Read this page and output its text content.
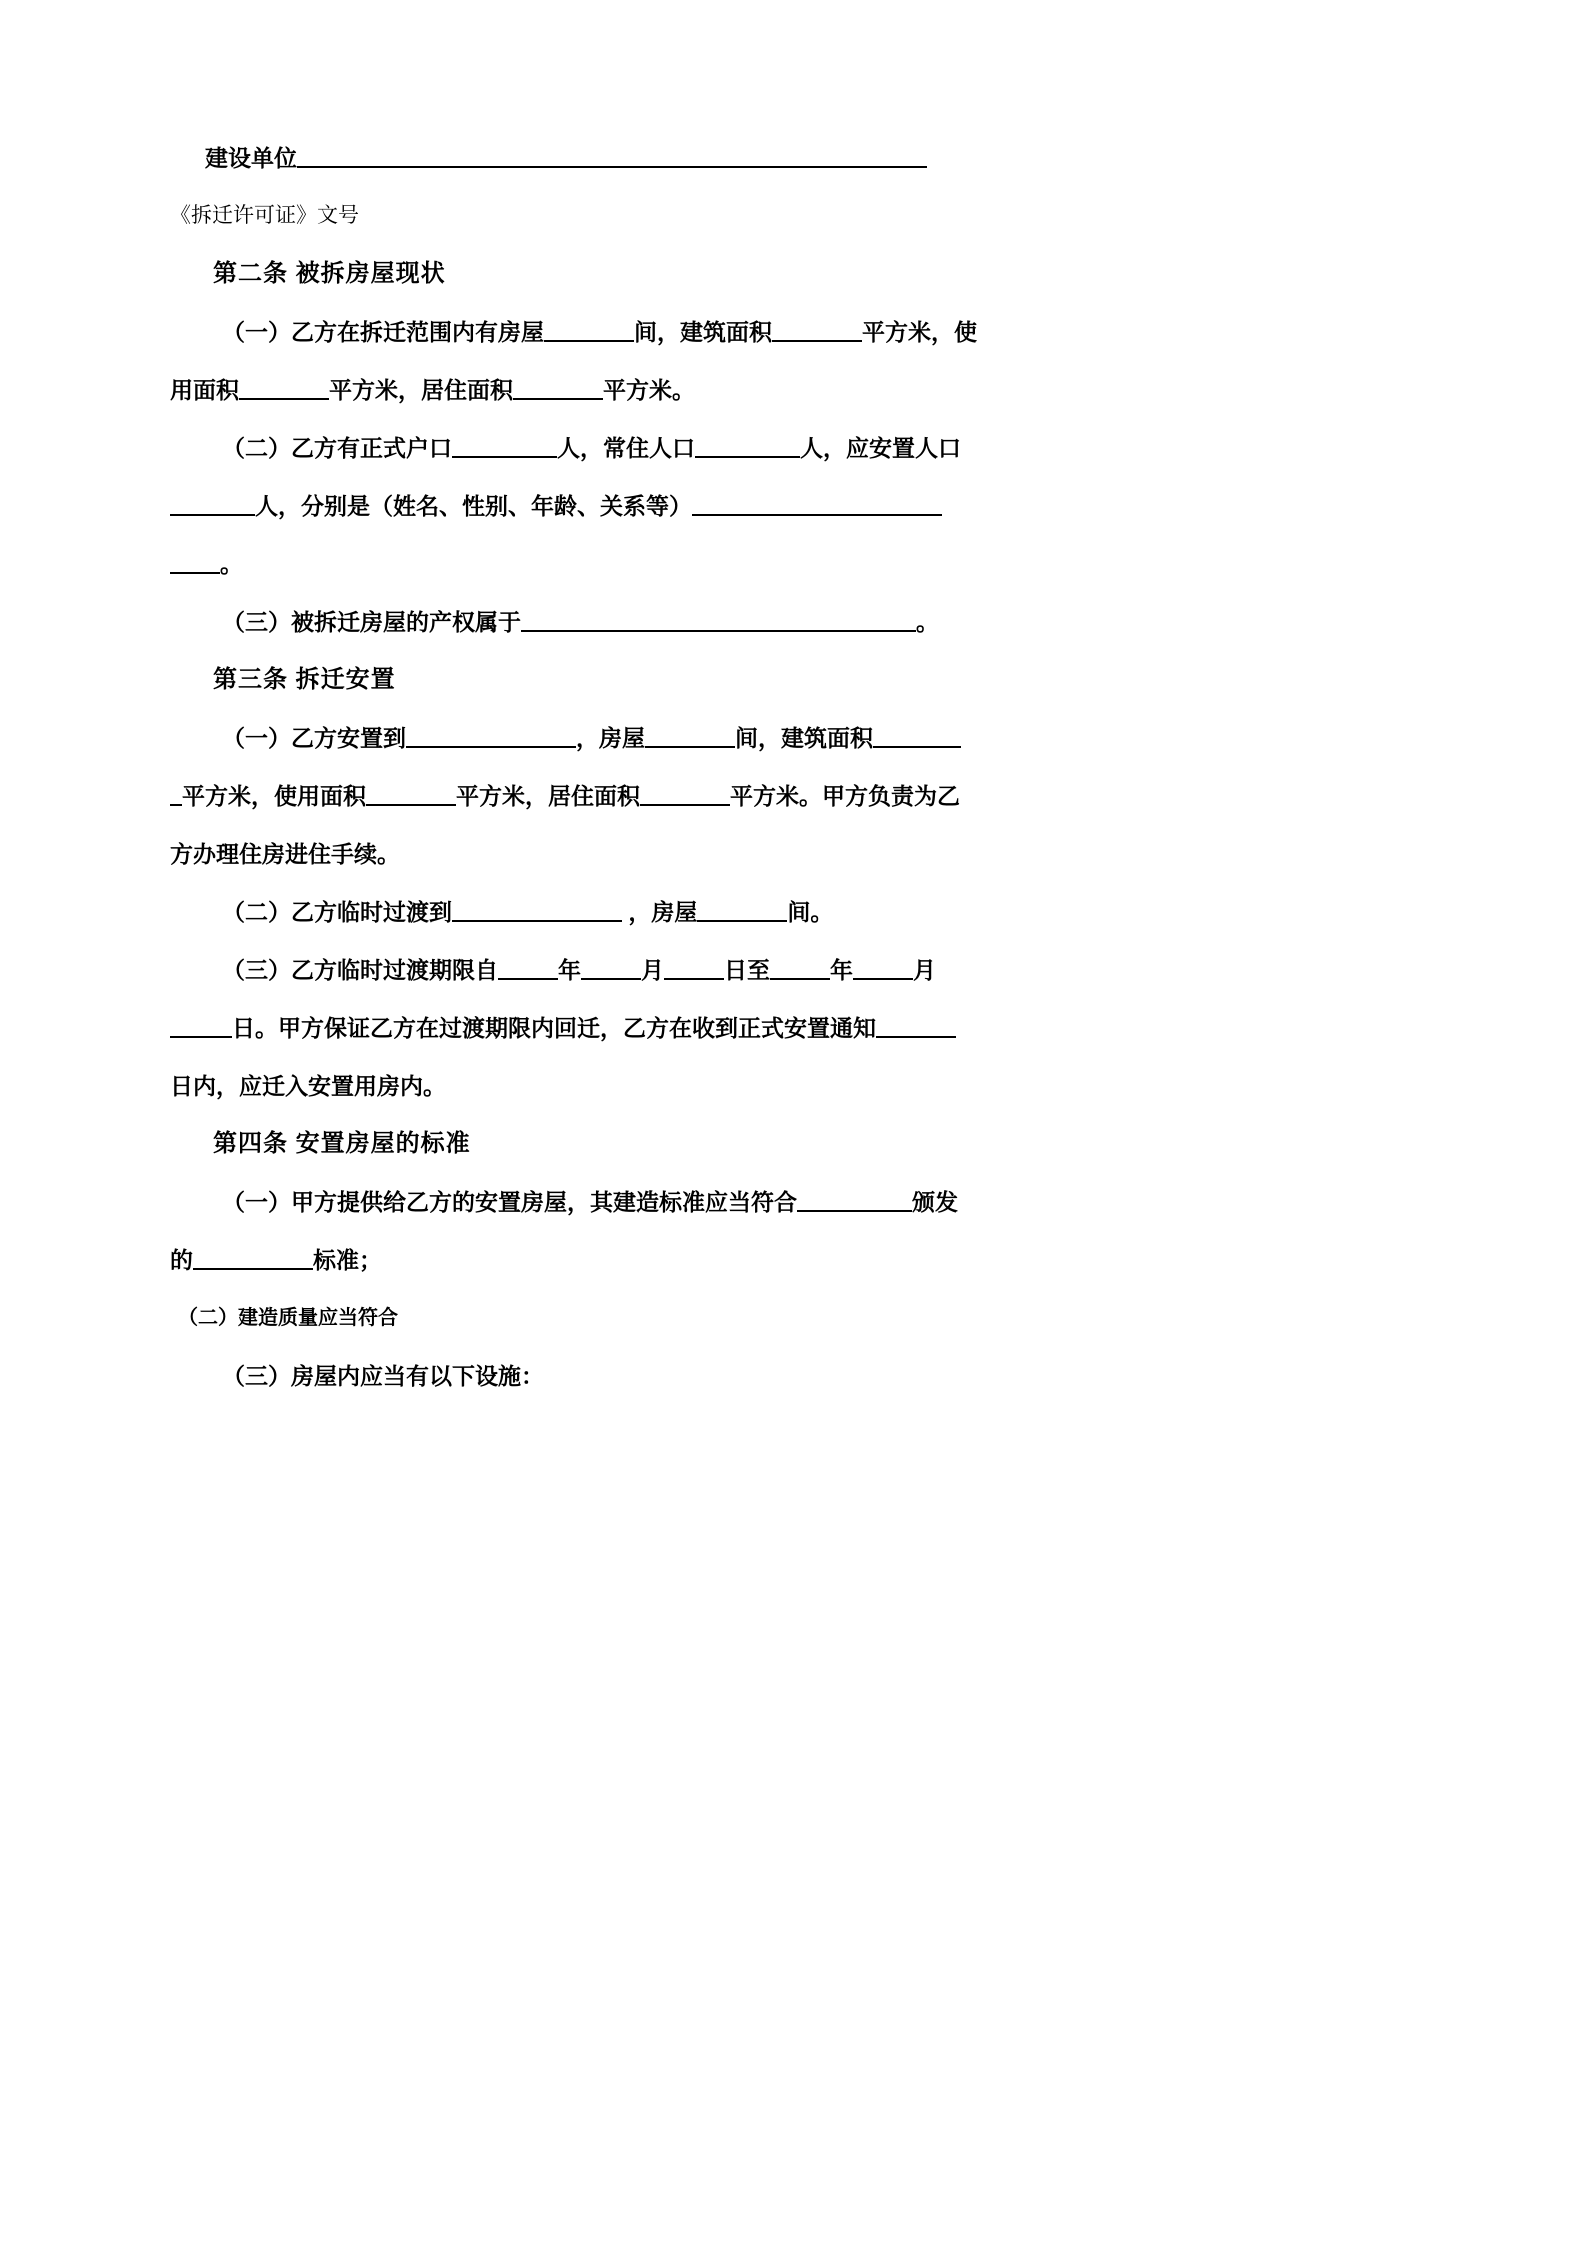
建设单位
《拆迁许可证》文号
第二条 被拆房屋现状
（一）乙方在拆迁范围内有房屋	间，建筑面积	平方米，使
用面积	平方米，居住面积	平方米。
（二）乙方有正式户口	人，常住人口	人，应安置人口
人，分别是（姓名、性别、年龄、关系等）
。
（三）被拆迁房屋的产权属于	。
第三条 拆迁安置
（一）乙方安置到	，房屋	间，建筑面积
平方米，使用面积	平方米，居住面积	平方米。甲方负责为乙
方办理住房进住手续。
（二）乙方临时过渡到	，房屋	间。
（三）乙方临时过渡期限自	年	月	日至	年	月
日。甲方保证乙方在过渡期限内回迁，乙方在收到正式安置通知
日内，应迁入安置用房内。
第四条 安置房屋的标准
（一）甲方提供给乙方的安置房屋，其建造标准应当符合	颁发
的	标准；
（二）建造质量应当符合
（三）房屋内应当有以下设施：
